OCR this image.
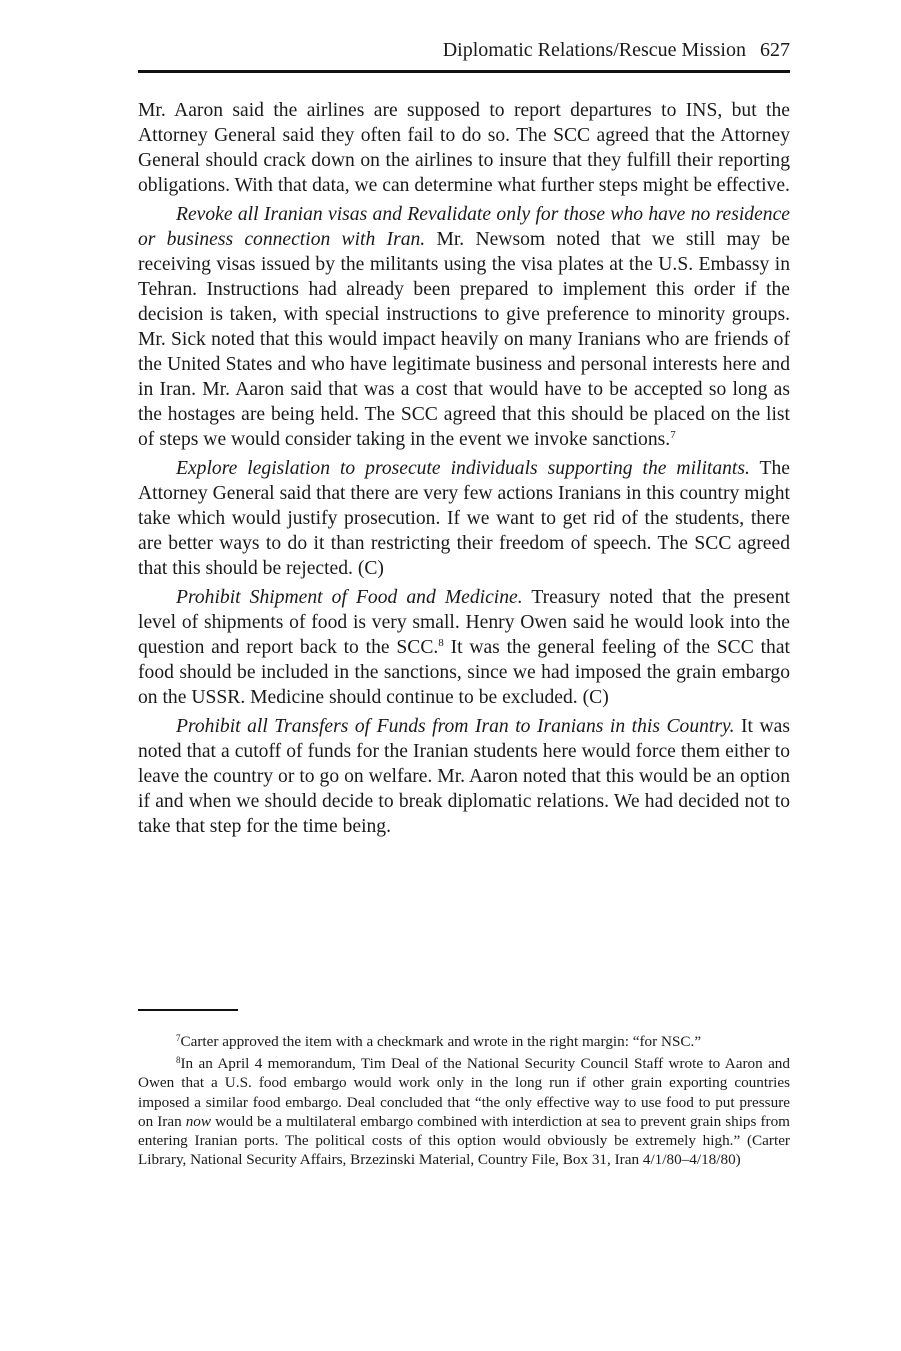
Diplomatic Relations/Rescue Mission 627

Mr. Aaron said the airlines are supposed to report departures to INS, but the Attorney General said they often fail to do so. The SCC agreed that the Attorney General should crack down on the airlines to insure that they fulfill their reporting obligations. With that data, we can determine what further steps might be effective.

Revoke all Iranian visas and Revalidate only for those who have no residence or business connection with Iran. Mr. Newsom noted that we still may be receiving visas issued by the militants using the visa plates at the U.S. Embassy in Tehran. Instructions had already been prepared to implement this order if the decision is taken, with special instructions to give preference to minority groups. Mr. Sick noted that this would impact heavily on many Iranians who are friends of the United States and who have legitimate business and personal interests here and in Iran. Mr. Aaron said that was a cost that would have to be accepted so long as the hostages are being held. The SCC agreed that this should be placed on the list of steps we would consider taking in the event we invoke sanctions.$^7$

Explore legislation to prosecute individuals supporting the militants. The Attorney General said that there are very few actions Iranians in this country might take which would justify prosecution. If we want to get rid of the students, there are better ways to do it than restricting their freedom of speech. The SCC agreed that this should be rejected. (C)

Prohibit Shipment of Food and Medicine. Treasury noted that the present level of shipments of food is very small. Henry Owen said he would look into the question and report back to the SCC.$^8$ It was the general feeling of the SCC that food should be included in the sanctions, since we had imposed the grain embargo on the USSR. Medicine should continue to be excluded. (C)

Prohibit all Transfers of Funds from Iran to Iranians in this Country. It was noted that a cutoff of funds for the Iranian students here would force them either to leave the country or to go on welfare. Mr. Aaron noted that this would be an option if and when we should decide to break diplomatic relations. We had decided not to take that step for the time being.

$^7$Carter approved the item with a checkmark and wrote in the right margin: “for NSC.”

$^8$In an April 4 memorandum, Tim Deal of the National Security Council Staff wrote to Aaron and Owen that a U.S. food embargo would work only in the long run if other grain exporting countries imposed a similar food embargo. Deal concluded that “the only effective way to use food to put pressure on Iran now would be a multilateral embargo combined with interdiction at sea to prevent grain ships from entering Iranian ports. The political costs of this option would obviously be extremely high.” (Carter Library, National Security Affairs, Brzezinski Material, Country File, Box 31, Iran 4/1/80–4/18/80)
